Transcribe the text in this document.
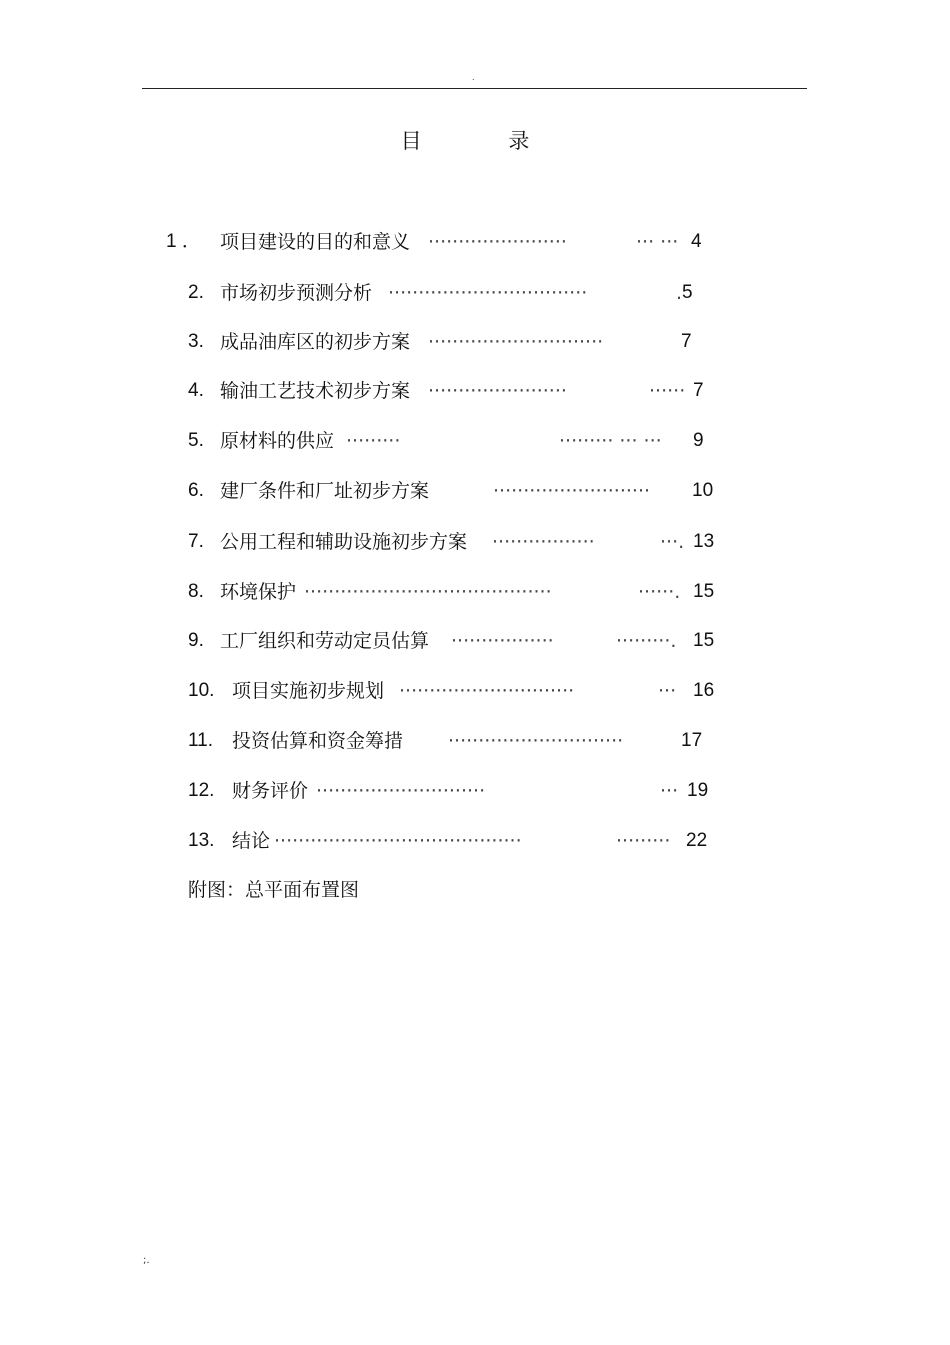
.
目 录
1 ． 项目建设的目的和意义 ·······················	··· ··· 4
2. 市场初步预测分析 ·································	. 5
3. 成品油库区的初步方案 ·····························	7
4. 输油工艺技术初步方案 ·······················	······ 7
5. 原材料的供应 ·········	········· ··· ··· 9
6. 建厂条件和厂址初步方案	·························· 10
7. 公用工程和辅助设施初步方案 ·················	···. 13
8. 环境保护 ·········································	······. 15
9. 工厂组织和劳动定员估算 ·················	·········. 15
10. 项目实施初步规划 ·····························	··· 16
11. 投资估算和资金筹措 ·····························	17
12. 财务评价 ····························	··· 19
13. 结论 ·········································	········· 22
附图：总平面布置图
;.
